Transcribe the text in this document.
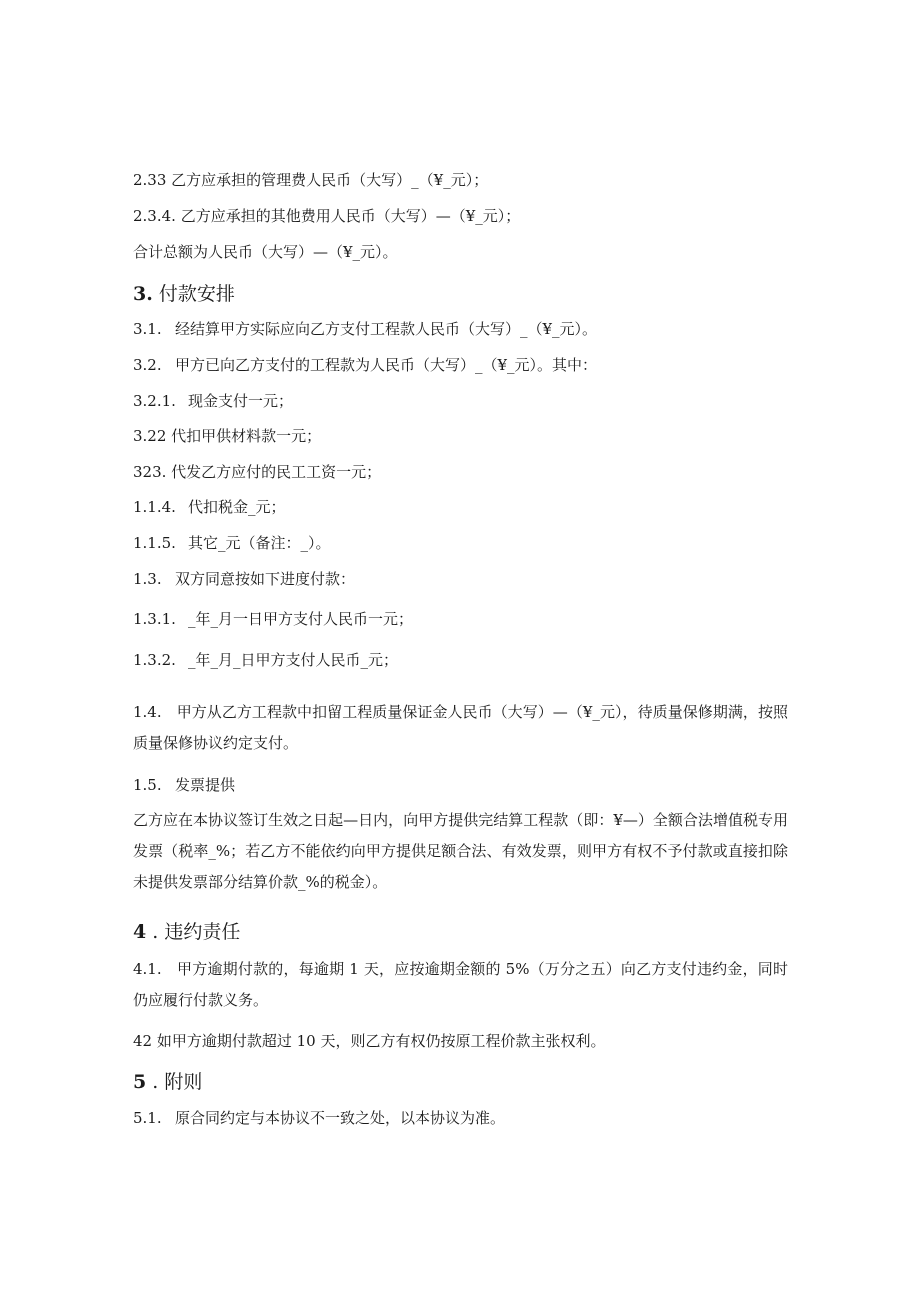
2.33 乙方应承担的管理费人民币（大写）_（¥_元）；
2.3.4. 乙方应承担的其他费用人民币（大写）—（¥_元）；
合计总额为人民币（大写）—（¥_元）。
3. 付款安排
3.1. 经结算甲方实际应向乙方支付工程款人民币（大写）_（¥_元）。
3.2. 甲方已向乙方支付的工程款为人民币（大写）_（¥_元）。其中：
3.2.1. 现金支付一元；
3.22 代扣甲供材料款一元；
323. 代发乙方应付的民工工资一元；
1.1.4. 代扣税金_元；
1.1.5. 其它_元（备注：_）。
1.3. 双方同意按如下进度付款：
1.3.1. _年_月一日甲方支付人民币一元；
1.3.2. _年_月_日甲方支付人民币_元；
1.4.　甲方从乙方工程款中扣留工程质量保证金人民币（大写）—（¥_元），待质量保修期满，按照质量保修协议约定支付。
1.5. 发票提供
乙方应在本协议签订生效之日起—日内，向甲方提供完结算工程款（即：¥—）全额合法增值税专用发票（税率_%；若乙方不能依约向甲方提供足额合法、有效发票，则甲方有权不予付款或直接扣除未提供发票部分结算价款_%的税金）。
4 . 违约责任
4.1.　甲方逾期付款的，每逾期 1 天，应按逾期金额的 5%（万分之五）向乙方支付违约金，同时仍应履行付款义务。
42 如甲方逾期付款超过 10 天，则乙方有权仍按原工程价款主张权利。
5 . 附则
5.1. 原合同约定与本协议不一致之处，以本协议为准。
